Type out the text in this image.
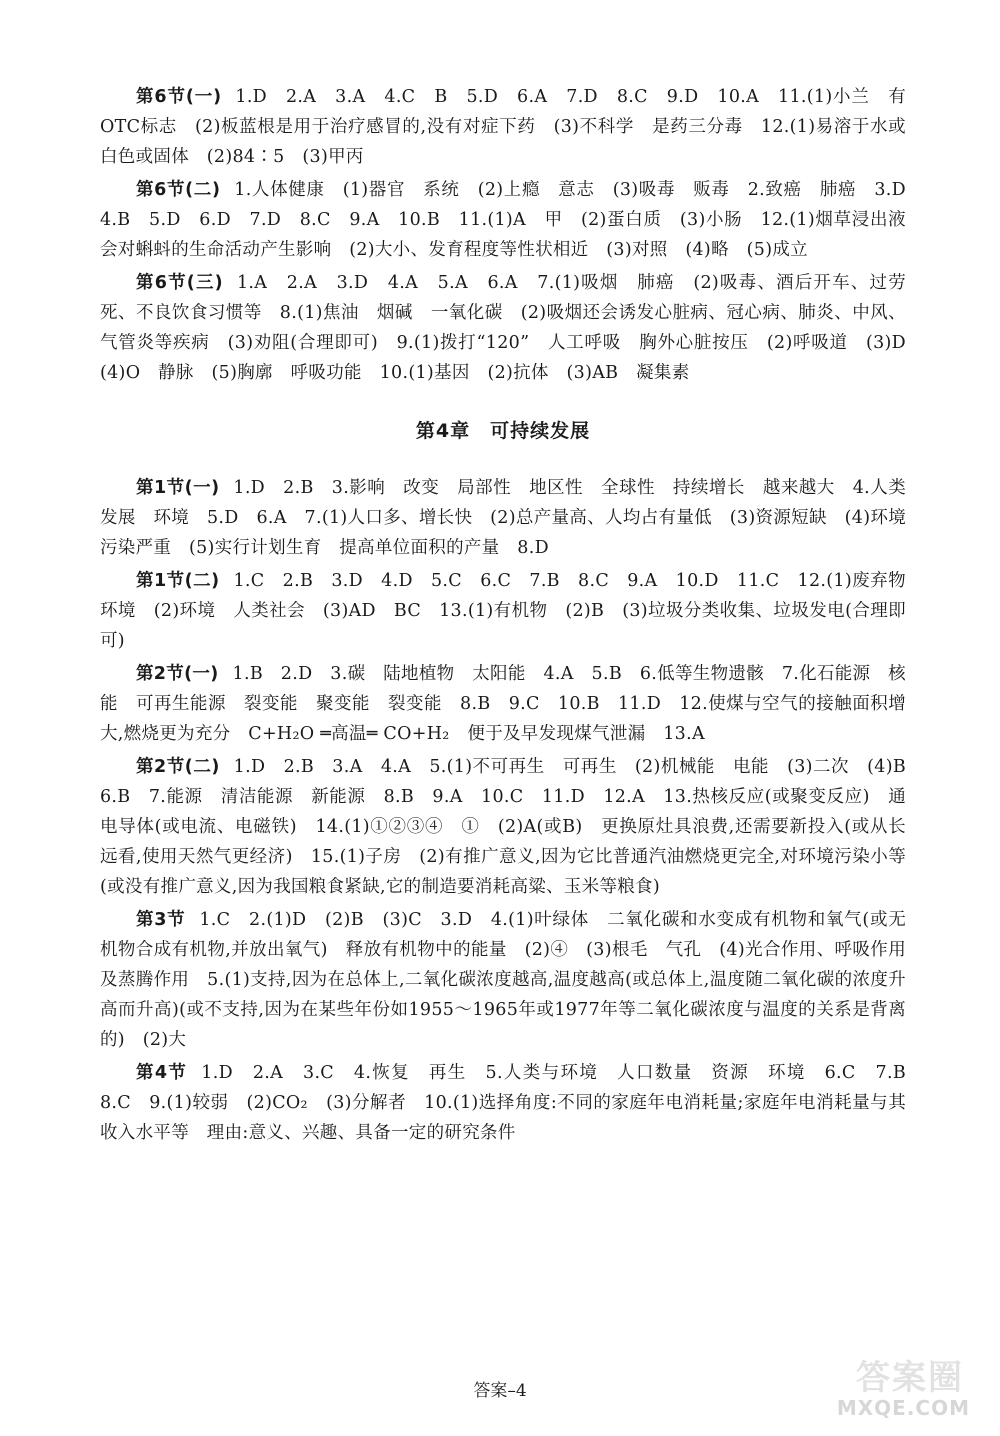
第6节(一) 1.D　2.A　3.A　4.C　B　5.D　6.A　7.D　8.C　9.D　10.A　11.(1)小兰　有OTC标志　(2)板蓝根是用于治疗感冒的,没有对症下药　(3)不科学　是药三分毒　12.(1)易溶于水或白色或固体　(2)84∶5　(3)甲丙

第6节(二) 1.人体健康　(1)器官　系统　(2)上瘾　意志　(3)吸毒　贩毒　2.致癌　肺癌　3.D　4.B　5.D　6.D　7.D　8.C　9.A　10.B　11.(1)A　甲　(2)蛋白质　(3)小肠　12.(1)烟草浸出液会对蝌蚪的生命活动产生影响　(2)大小、发育程度等性状相近　(3)对照　(4)略　(5)成立

第6节(三) 1.A　2.A　3.D　4.A　5.A　6.A　7.(1)吸烟　肺癌　(2)吸毒、酒后开车、过劳死、不良饮食习惯等　8.(1)焦油　烟碱　一氧化碳　(2)吸烟还会诱发心脏病、冠心病、肺炎、中风、气管炎等疾病　(3)劝阻(合理即可)　9.(1)拨打“120”　人工呼吸　胸外心脏按压　(2)呼吸道　(3)D　(4)O　静脉　(5)胸廓　呼吸功能　10.(1)基因　(2)抗体　(3)AB　凝集素

第4章　可持续发展

第1节(一) 1.D　2.B　3.影响　改变　局部性　地区性　全球性　持续增长　越来越大　4.人类发展　环境　5.D　6.A　7.(1)人口多、增长快　(2)总产量高、人均占有量低　(3)资源短缺　(4)环境污染严重　(5)实行计划生育　提高单位面积的产量　8.D

第1节(二) 1.C　2.B　3.D　4.D　5.C　6.C　7.B　8.C　9.A　10.D　11.C　12.(1)废弃物　环境　(2)环境　人类社会　(3)AD　BC　13.(1)有机物　(2)B　(3)垃圾分类收集、垃圾发电(合理即可)

第2节(一) 1.B　2.D　3.碳　陆地植物　太阳能　4.A　5.B　6.低等生物遗骸　7.化石能源　核能　可再生能源　裂变能　聚变能　裂变能　8.B　9.C　10.B　11.D　12.使煤与空气的接触面积增大,燃烧更为充分　C+H₂O ═高温═ CO+H₂　便于及早发现煤气泄漏　13.A

第2节(二) 1.D　2.B　3.A　4.A　5.(1)不可再生　可再生　(2)机械能　电能　(3)二次　(4)B　6.B　7.能源　清洁能源　新能源　8.B　9.A　10.C　11.D　12.A　13.热核反应(或聚变反应)　通电导体(或电流、电磁铁)　14.(1)①②③④　①　(2)A(或B)　更换原灶具浪费,还需要新投入(或从长远看,使用天然气更经济)　15.(1)子房　(2)有推广意义,因为它比普通汽油燃烧更完全,对环境污染小等(或没有推广意义,因为我国粮食紧缺,它的制造要消耗高粱、玉米等粮食)

第3节 1.C　2.(1)D　(2)B　(3)C　3.D　4.(1)叶绿体　二氧化碳和水变成有机物和氧气(或无机物合成有机物,并放出氧气)　释放有机物中的能量　(2)④　(3)根毛　气孔　(4)光合作用、呼吸作用及蒸腾作用　5.(1)支持,因为在总体上,二氧化碳浓度越高,温度越高(或总体上,温度随二氧化碳的浓度升高而升高)(或不支持,因为在某些年份如1955～1965年或1977年等二氧化碳浓度与温度的关系是背离的)　(2)大

第4节 1.D　2.A　3.C　4.恢复　再生　5.人类与环境　人口数量　资源　环境　6.C　7.B　8.C　9.(1)较弱　(2)CO₂　(3)分解者　10.(1)选择角度:不同的家庭年电消耗量;家庭年电消耗量与其收入水平等　理由:意义、兴趣、具备一定的研究条件

答案–4	答案圈
MXQE.COM
